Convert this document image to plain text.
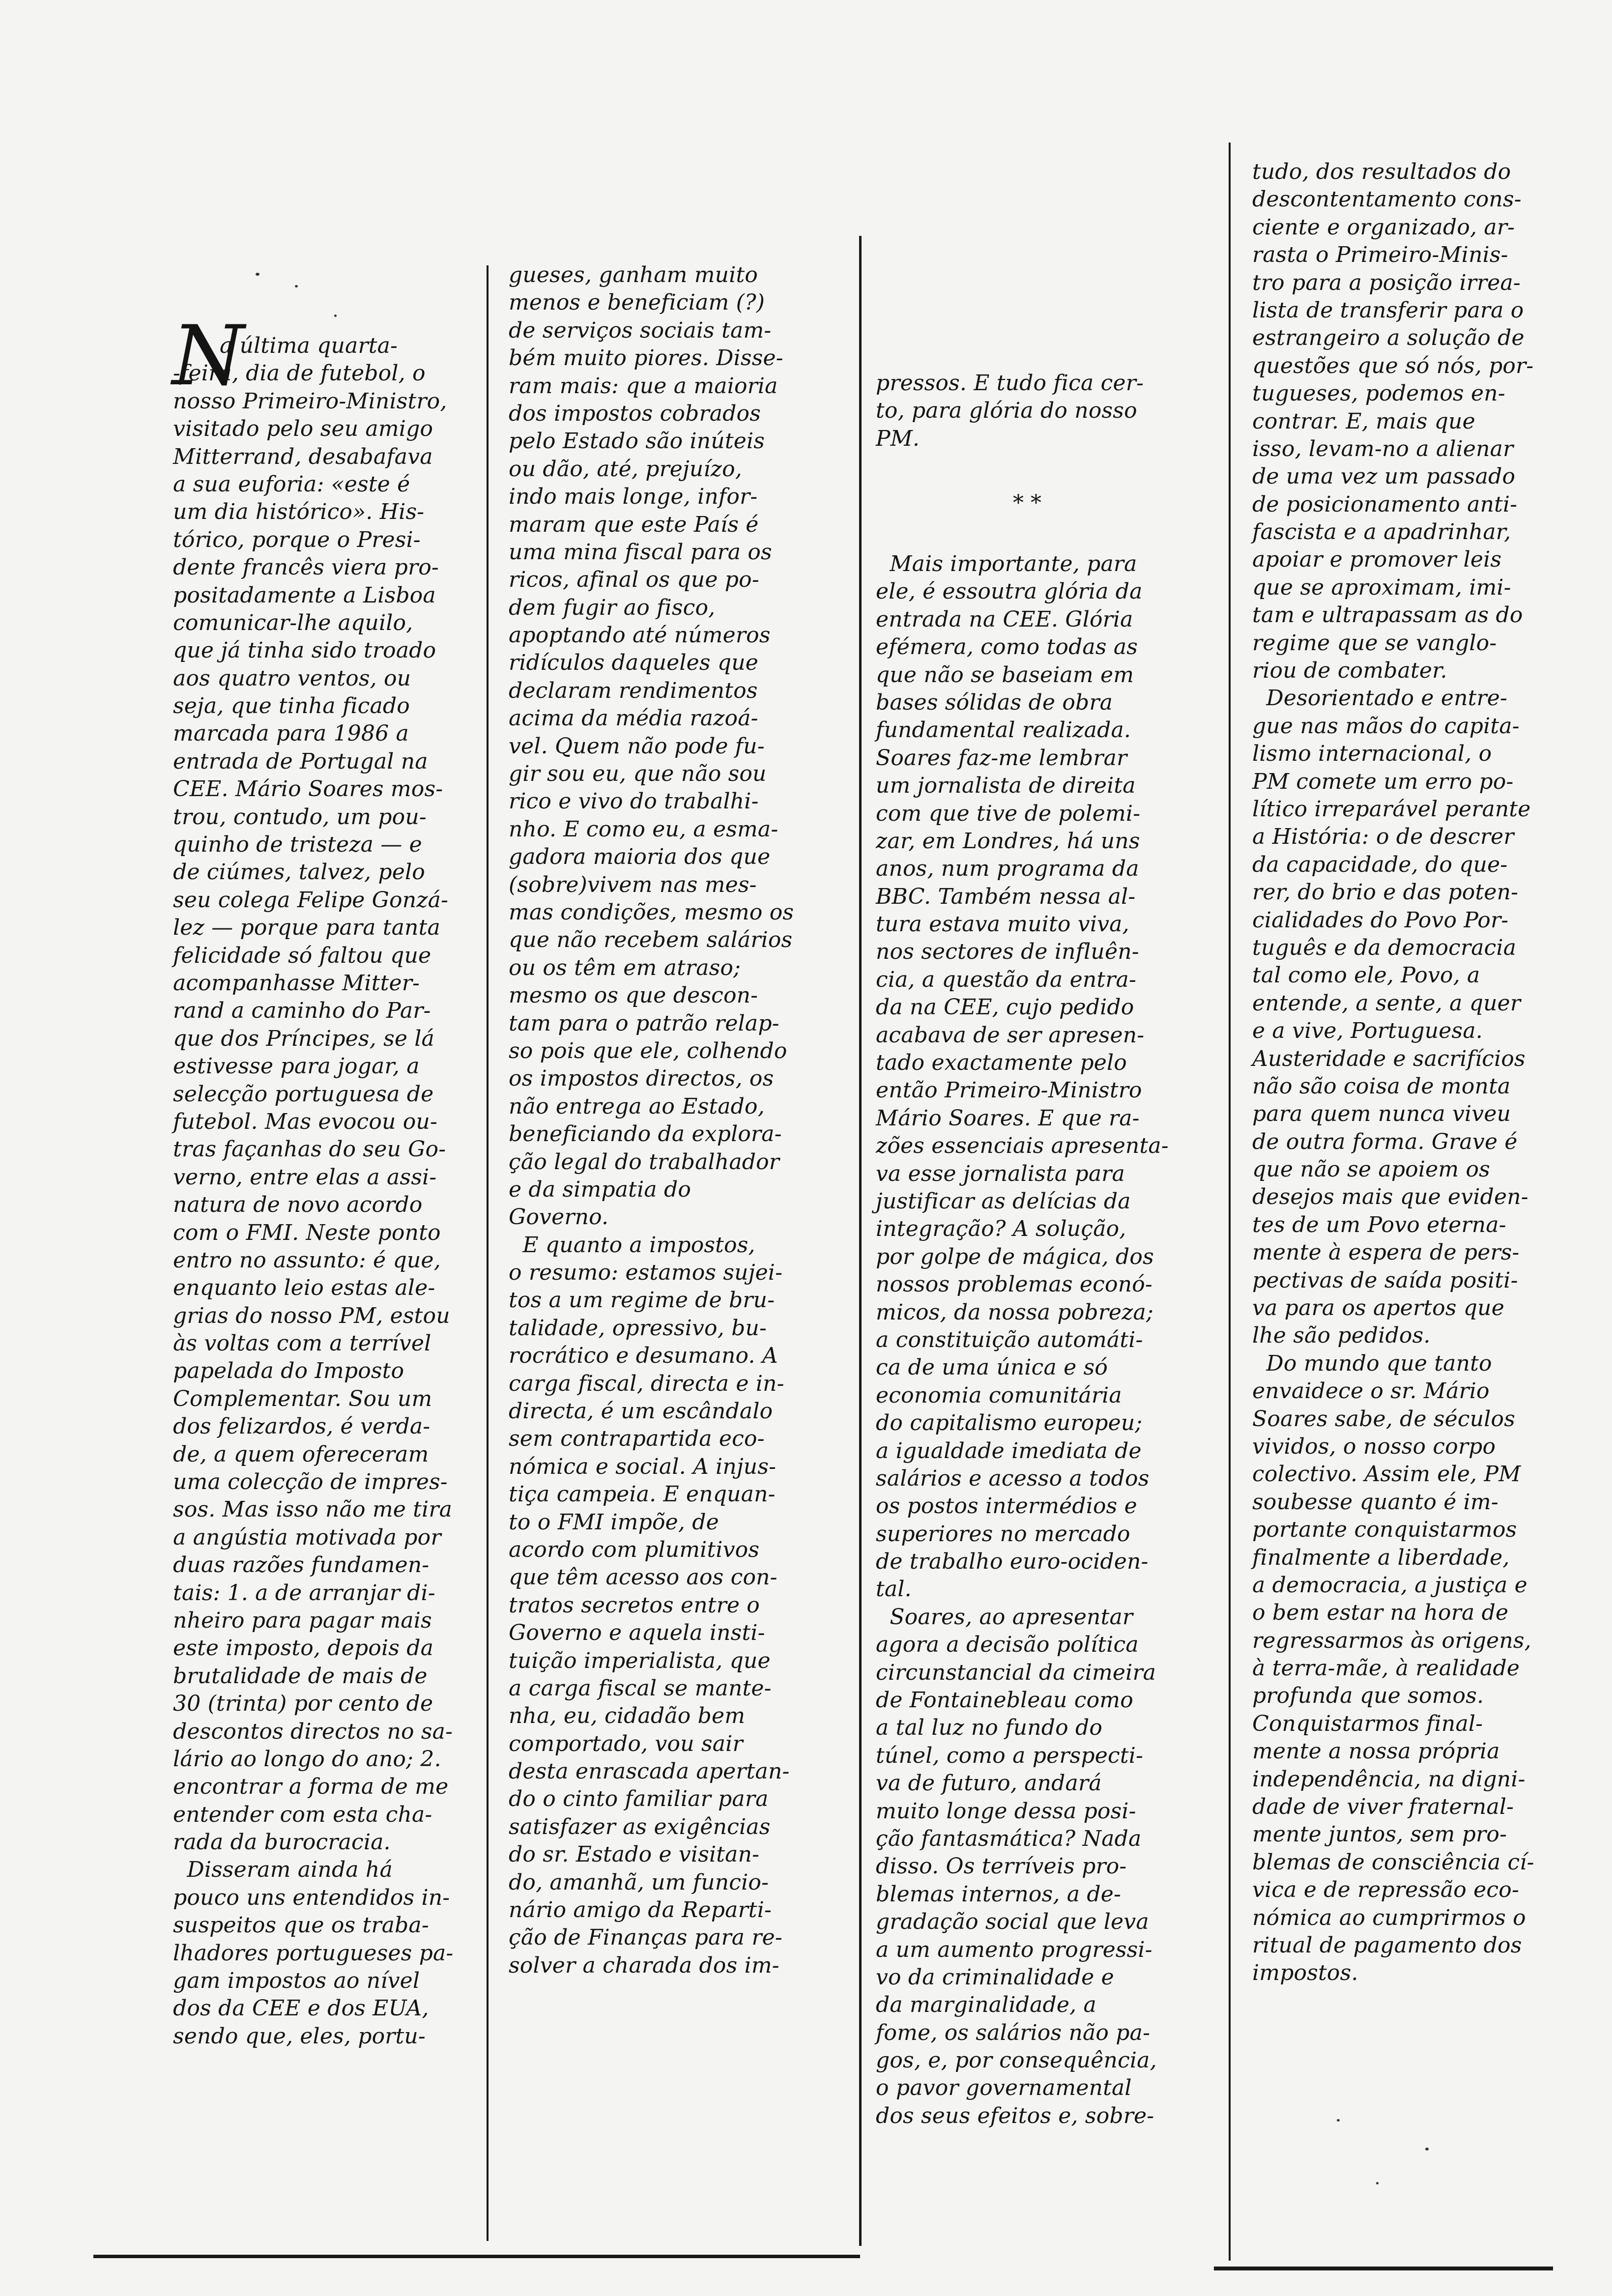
N
a última quarta-
-feira, dia de futebol, o
nosso Primeiro-Ministro,
visitado pelo seu amigo
Mitterrand, desabafava
a sua euforia: «este é
um dia histórico». His-
tórico, porque o Presi-
dente francês viera pro-
positadamente a Lisboa
comunicar-lhe aquilo,
que já tinha sido troado
aos quatro ventos, ou
seja, que tinha ficado
marcada para 1986 a
entrada de Portugal na
CEE. Mário Soares mos-
trou, contudo, um pou-
quinho de tristeza — e
de ciúmes, talvez, pelo
seu colega Felipe Gonzá-
lez — porque para tanta
felicidade só faltou que
acompanhasse Mitter-
rand a caminho do Par-
que dos Príncipes, se lá
estivesse para jogar, a
selecção portuguesa de
futebol. Mas evocou ou-
tras façanhas do seu Go-
verno, entre elas a assi-
natura de novo acordo
com o FMI. Neste ponto
entro no assunto: é que,
enquanto leio estas ale-
grias do nosso PM, estou
às voltas com a terrível
papelada do Imposto
Complementar. Sou um
dos felizardos, é verda-
de, a quem ofereceram
uma colecção de impres-
sos. Mas isso não me tira
a angústia motivada por
duas razões fundamen-
tais: 1. a de arranjar di-
nheiro para pagar mais
este imposto, depois da
brutalidade de mais de
30 (trinta) por cento de
descontos directos no sa-
lário ao longo do ano; 2.
encontrar a forma de me
entender com esta cha-
rada da burocracia.
Disseram ainda há
pouco uns entendidos in-
suspeitos que os traba-
lhadores portugueses pa-
gam impostos ao nível
dos da CEE e dos EUA,
sendo que, eles, portu-
gueses, ganham muito
menos e beneficiam (?)
de serviços sociais tam-
bém muito piores. Disse-
ram mais: que a maioria
dos impostos cobrados
pelo Estado são inúteis
ou dão, até, prejuízo,
indo mais longe, infor-
maram que este País é
uma mina fiscal para os
ricos, afinal os que po-
dem fugir ao fisco,
apoptando até números
ridículos daqueles que
declaram rendimentos
acima da média razoá-
vel. Quem não pode fu-
gir sou eu, que não sou
rico e vivo do trabalhi-
nho. E como eu, a esma-
gadora maioria dos que
(sobre)vivem nas mes-
mas condições, mesmo os
que não recebem salários
ou os têm em atraso;
mesmo os que descon-
tam para o patrão relap-
so pois que ele, colhendo
os impostos directos, os
não entrega ao Estado,
beneficiando da explora-
ção legal do trabalhador
e da simpatia do
Governo.
E quanto a impostos,
o resumo: estamos sujei-
tos a um regime de bru-
talidade, opressivo, bu-
rocrático e desumano. A
carga fiscal, directa e in-
directa, é um escândalo
sem contrapartida eco-
nómica e social. A injus-
tiça campeia. E enquan-
to o FMI impõe, de
acordo com plumitivos
que têm acesso aos con-
tratos secretos entre o
Governo e aquela insti-
tuição imperialista, que
a carga fiscal se mante-
nha, eu, cidadão bem
comportado, vou sair
desta enrascada apertan-
do o cinto familiar para
satisfazer as exigências
do sr. Estado e visitan-
do, amanhã, um funcio-
nário amigo da Reparti-
ção de Finanças para re-
solver a charada dos im-
pressos. E tudo fica cer-
to, para glória do nosso
PM.
* *
Mais importante, para
ele, é essoutra glória da
entrada na CEE. Glória
efémera, como todas as
que não se baseiam em
bases sólidas de obra
fundamental realizada.
Soares faz-me lembrar
um jornalista de direita
com que tive de polemi-
zar, em Londres, há uns
anos, num programa da
BBC. Também nessa al-
tura estava muito viva,
nos sectores de influên-
cia, a questão da entra-
da na CEE, cujo pedido
acabava de ser apresen-
tado exactamente pelo
então Primeiro-Ministro
Mário Soares. E que ra-
zões essenciais apresenta-
va esse jornalista para
justificar as delícias da
integração? A solução,
por golpe de mágica, dos
nossos problemas econó-
micos, da nossa pobreza;
a constituição automáti-
ca de uma única e só
economia comunitária
do capitalismo europeu;
a igualdade imediata de
salários e acesso a todos
os postos intermédios e
superiores no mercado
de trabalho euro-ociden-
tal.
Soares, ao apresentar
agora a decisão política
circunstancial da cimeira
de Fontainebleau como
a tal luz no fundo do
túnel, como a perspecti-
va de futuro, andará
muito longe dessa posi-
ção fantasmática? Nada
disso. Os terríveis pro-
blemas internos, a de-
gradação social que leva
a um aumento progressi-
vo da criminalidade e
da marginalidade, a
fome, os salários não pa-
gos, e, por consequência,
o pavor governamental
dos seus efeitos e, sobre-
tudo, dos resultados do
descontentamento cons-
ciente e organizado, ar-
rasta o Primeiro-Minis-
tro para a posição irrea-
lista de transferir para o
estrangeiro a solução de
questões que só nós, por-
tugueses, podemos en-
contrar. E, mais que
isso, levam-no a alienar
de uma vez um passado
de posicionamento anti-
fascista e a apadrinhar,
apoiar e promover leis
que se aproximam, imi-
tam e ultrapassam as do
regime que se vanglo-
riou de combater.
Desorientado e entre-
gue nas mãos do capita-
lismo internacional, o
PM comete um erro po-
lítico irreparável perante
a História: o de descrer
da capacidade, do que-
rer, do brio e das poten-
cialidades do Povo Por-
tuguês e da democracia
tal como ele, Povo, a
entende, a sente, a quer
e a vive, Portuguesa.
Austeridade e sacrifícios
não são coisa de monta
para quem nunca viveu
de outra forma. Grave é
que não se apoiem os
desejos mais que eviden-
tes de um Povo eterna-
mente à espera de pers-
pectivas de saída positi-
va para os apertos que
lhe são pedidos.
Do mundo que tanto
envaidece o sr. Mário
Soares sabe, de séculos
vividos, o nosso corpo
colectivo. Assim ele, PM
soubesse quanto é im-
portante conquistarmos
finalmente a liberdade,
a democracia, a justiça e
o bem estar na hora de
regressarmos às origens,
à terra-mãe, à realidade
profunda que somos.
Conquistarmos final-
mente a nossa própria
independência, na digni-
dade de viver fraternal-
mente juntos, sem pro-
blemas de consciência cí-
vica e de repressão eco-
nómica ao cumprirmos o
ritual de pagamento dos
impostos.
